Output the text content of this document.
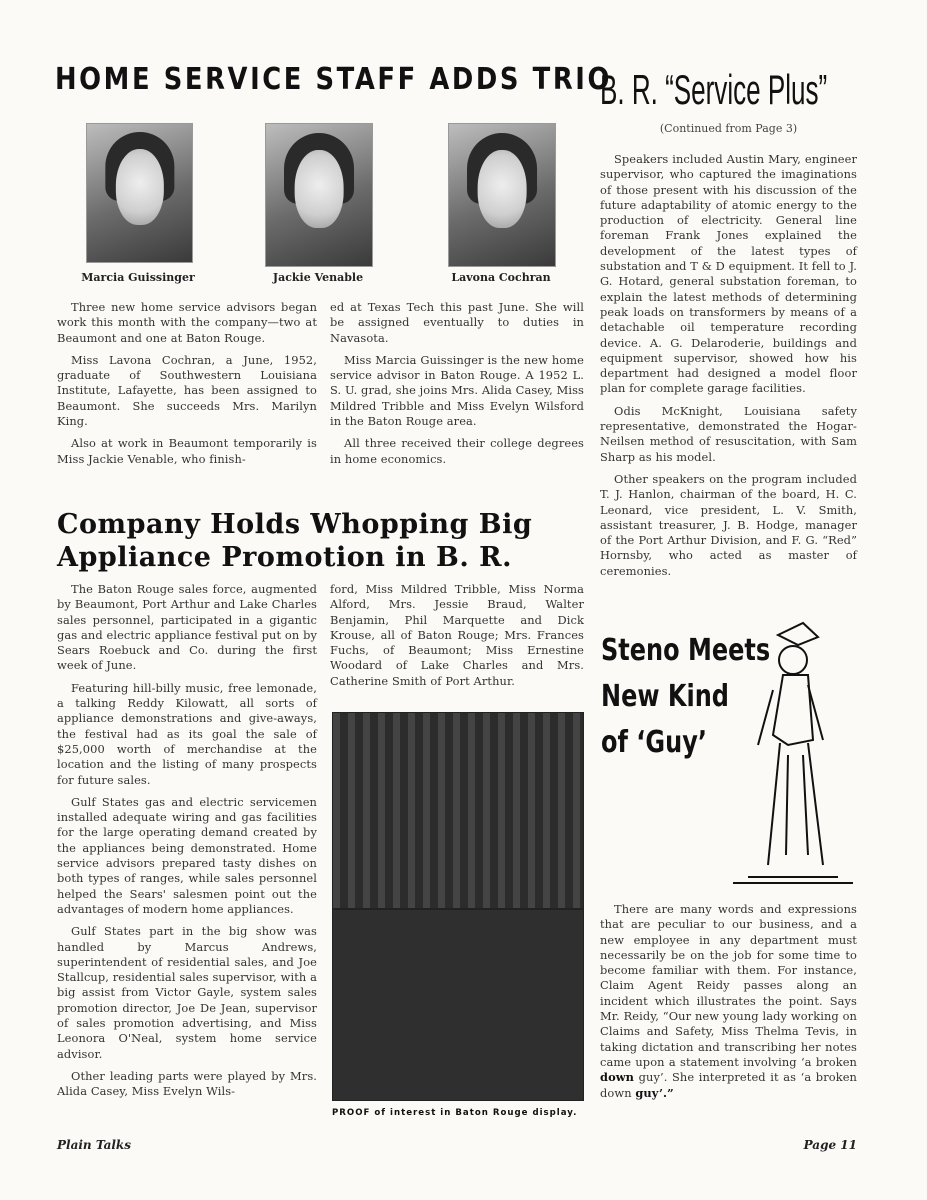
HOME SERVICE STAFF ADDS TRIO
B. R. “Service Plus”
(Continued from Page 3)
Marcia Guissinger	Jackie Venable	Lavona Cochran

Three new home service advisors began work this month with the company—two at Beaumont and one at Baton Rouge.

Miss Lavona Cochran, a June, 1952, graduate of Southwestern Louisiana Institute, Lafayette, has been assigned to Beaumont. She succeeds Mrs. Marilyn King.

Also at work in Beaumont temporarily is Miss Jackie Venable, who finish-

ed at Texas Tech this past June. She will be assigned eventually to duties in Navasota.

Miss Marcia Guissinger is the new home service advisor in Baton Rouge. A 1952 L. S. U. grad, she joins Mrs. Alida Casey, Miss Mildred Tribble and Miss Evelyn Wilsford in the Baton Rouge area.

All three received their college degrees in home economics.

Speakers included Austin Mary, engineer supervisor, who captured the imaginations of those present with his discussion of the future adaptability of atomic energy to the production of electricity. General line foreman Frank Jones explained the development of the latest types of substation and T & D equipment. It fell to J. G. Hotard, general substation foreman, to explain the latest methods of determining peak loads on transformers by means of a detachable oil temperature recording device. A. G. Delaroderie, buildings and equipment supervisor, showed how his department had designed a model floor plan for complete garage facilities.

Odis McKnight, Louisiana safety representative, demonstrated the Hogar-Neilsen method of resuscitation, with Sam Sharp as his model.

Other speakers on the program included T. J. Hanlon, chairman of the board, H. C. Leonard, vice president, L. V. Smith, assistant treasurer, J. B. Hodge, manager of the Port Arthur Division, and F. G. “Red” Hornsby, who acted as master of ceremonies.

Company Holds Whopping Big Appliance Promotion in B. R.

The Baton Rouge sales force, augmented by Beaumont, Port Arthur and Lake Charles sales personnel, participated in a gigantic gas and electric appliance festival put on by Sears Roebuck and Co. during the first week of June.

Featuring hill-billy music, free lemonade, a talking Reddy Kilowatt, all sorts of appliance demonstrations and give-aways, the festival had as its goal the sale of $25,000 worth of merchandise at the location and the listing of many prospects for future sales.

Gulf States gas and electric servicemen installed adequate wiring and gas facilities for the large operating demand created by the appliances being demonstrated. Home service advisors prepared tasty dishes on both types of ranges, while sales personnel helped the Sears' salesmen point out the advantages of modern home appliances.

Gulf States part in the big show was handled by Marcus Andrews, superintendent of residential sales, and Joe Stallcup, residential sales supervisor, with a big assist from Victor Gayle, system sales promotion director, Joe De Jean, supervisor of sales promotion advertising, and Miss Leonora O'Neal, system home service advisor.

Other leading parts were played by Mrs. Alida Casey, Miss Evelyn Wils-

ford, Miss Mildred Tribble, Miss Norma Alford, Mrs. Jessie Braud, Walter Benjamin, Phil Marquette and Dick Krouse, all of Baton Rouge; Mrs. Frances Fuchs, of Beaumont; Miss Ernestine Woodard of Lake Charles and Mrs. Catherine Smith of Port Arthur.

PROOF of interest in Baton Rouge display.
Steno Meets
New Kind
of ‘Guy’

There are many words and expressions that are peculiar to our business, and a new employee in any department must necessarily be on the job for some time to become familiar with them. For instance, Claim Agent Reidy passes along an incident which illustrates the point. Says Mr. Reidy, “Our new young lady working on Claims and Safety, Miss Thelma Tevis, in taking dictation and transcribing her notes came upon a statement involving ‘a broken down guy’. She interpreted it as ‘a broken down guy’.”

Plain Talks	Page 11
